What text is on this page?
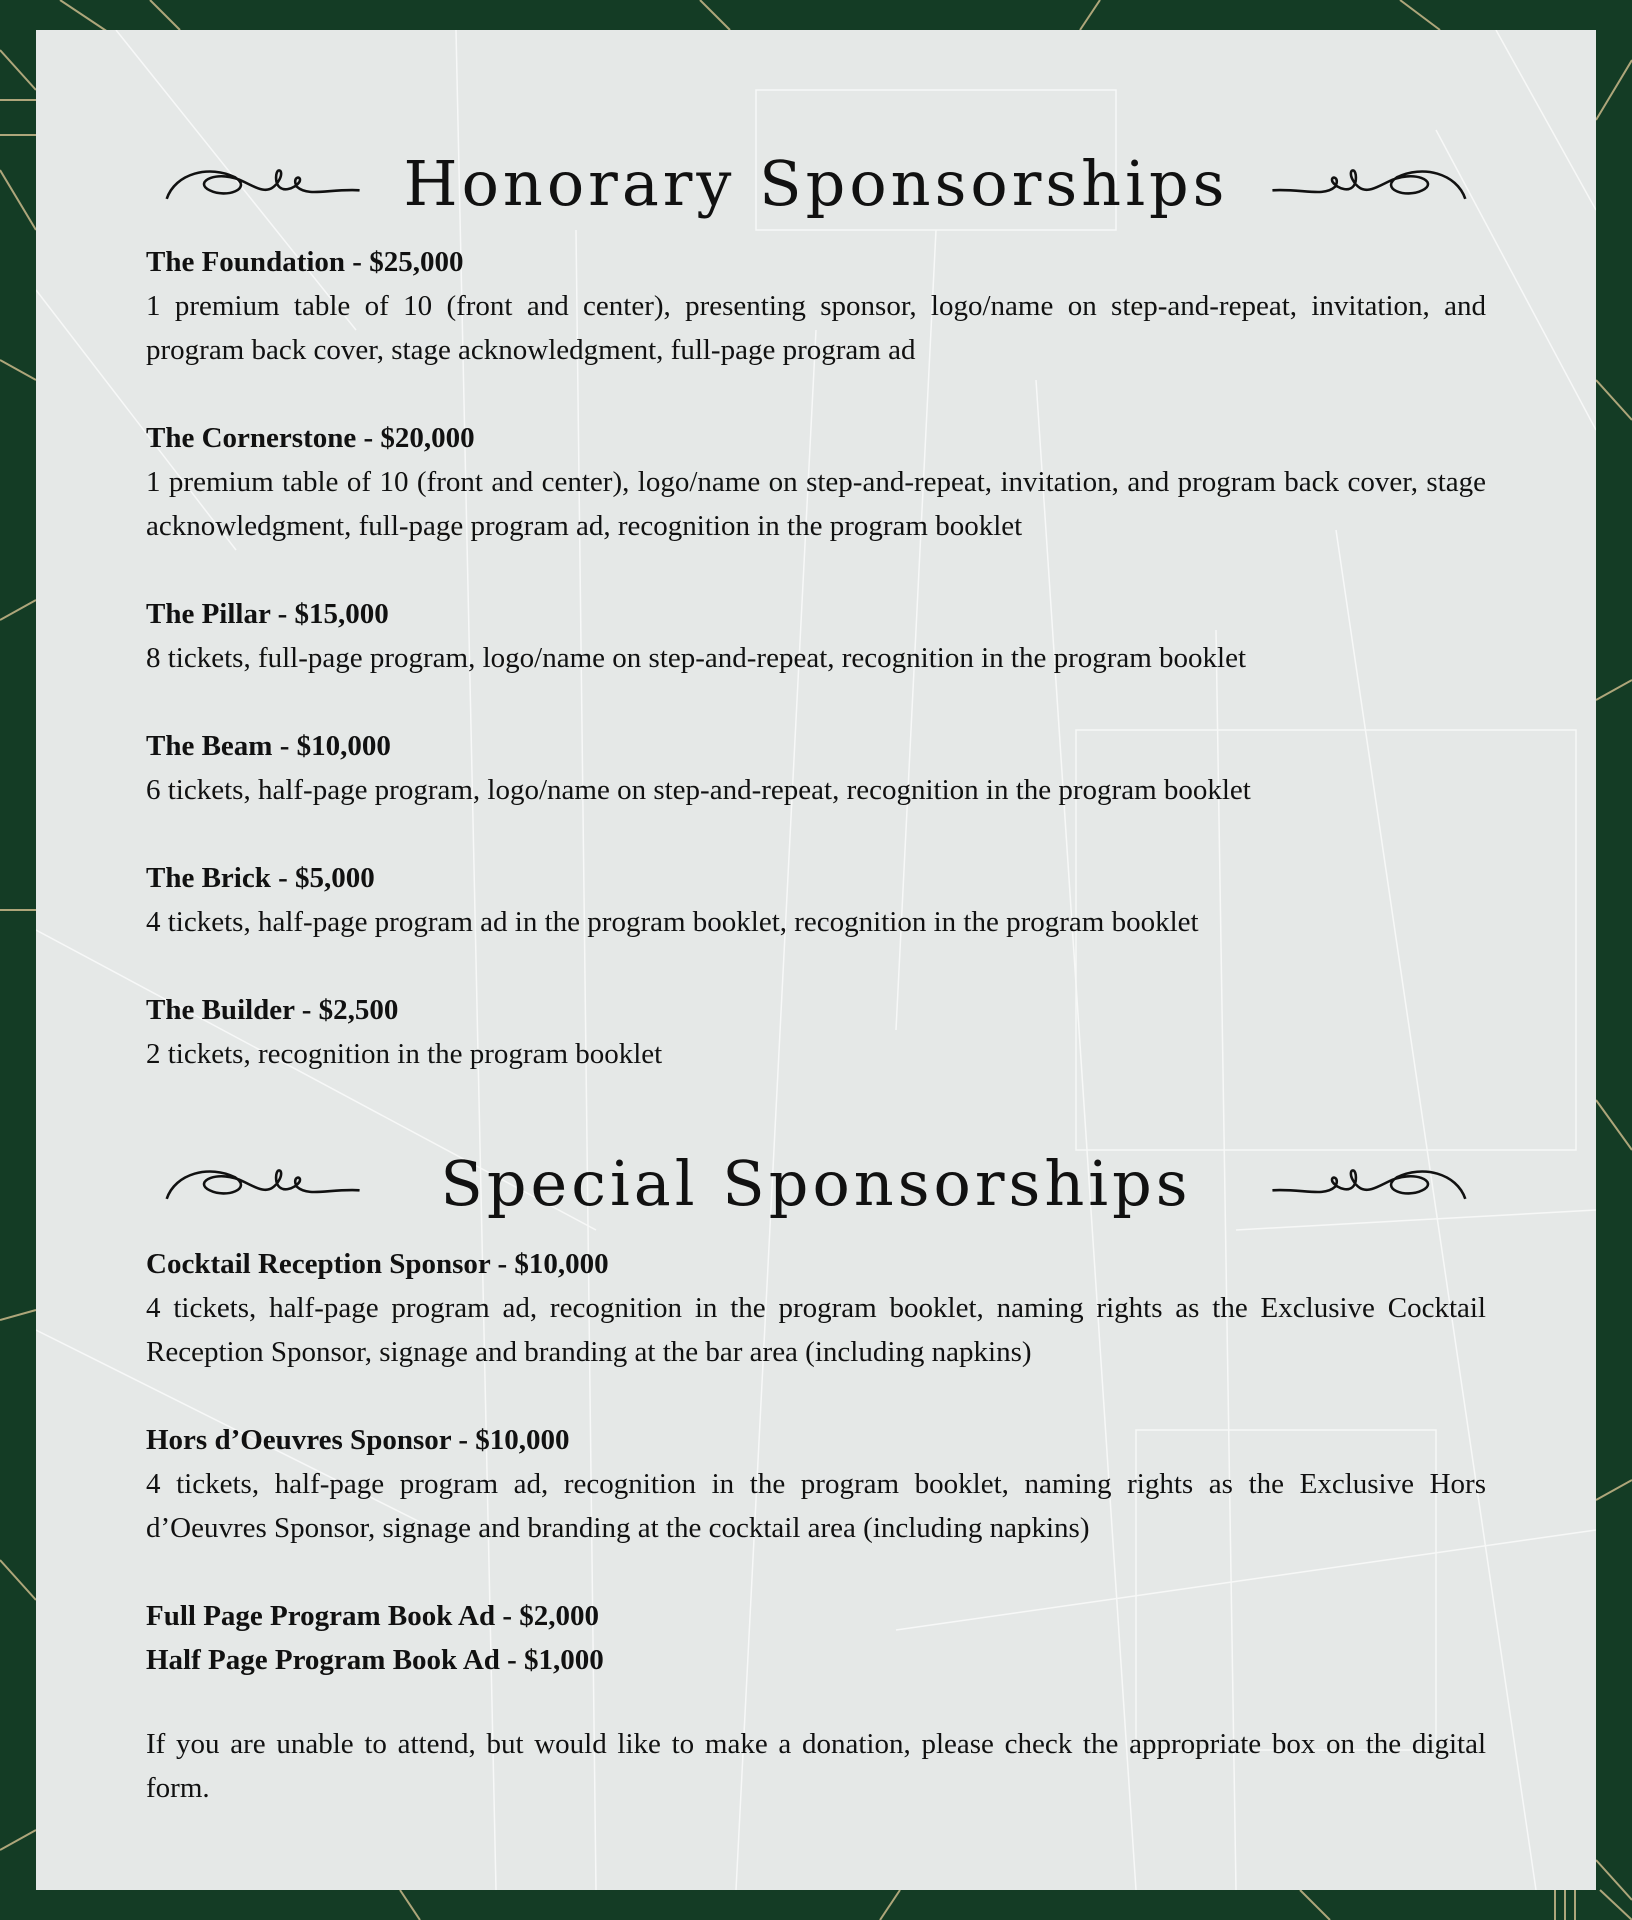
Honorary Sponsorships
The Foundation - $25,000
1 premium table of 10 (front and center), presenting sponsor, logo/name on step-and-repeat, invitation, and program back cover, stage acknowledgment, full-page program ad
The Cornerstone - $20,000
1 premium table of 10 (front and center), logo/name on step-and-repeat, invitation, and program back cover, stage acknowledgment, full-page program ad, recognition in the program booklet
The Pillar - $15,000
8 tickets, full-page program, logo/name on step-and-repeat, recognition in the program booklet
The Beam - $10,000
6 tickets, half-page program, logo/name on step-and-repeat, recognition in the program booklet
The Brick - $5,000
4 tickets, half-page program ad in the program booklet, recognition in the program booklet
The Builder - $2,500
2 tickets, recognition in the program booklet
Special Sponsorships
Cocktail Reception Sponsor - $10,000
4 tickets, half-page program ad, recognition in the program booklet, naming rights as the Exclusive Cocktail Reception Sponsor, signage and branding at the bar area (including napkins)
Hors d’Oeuvres Sponsor - $10,000
4 tickets, half-page program ad, recognition in the program booklet, naming rights as the Exclusive Hors d’Oeuvres Sponsor, signage and branding at the cocktail area (including napkins)
Full Page Program Book Ad - $2,000
Half Page Program Book Ad - $1,000
If you are unable to attend, but would like to make a donation, please check the appropriate box on the digital form.
